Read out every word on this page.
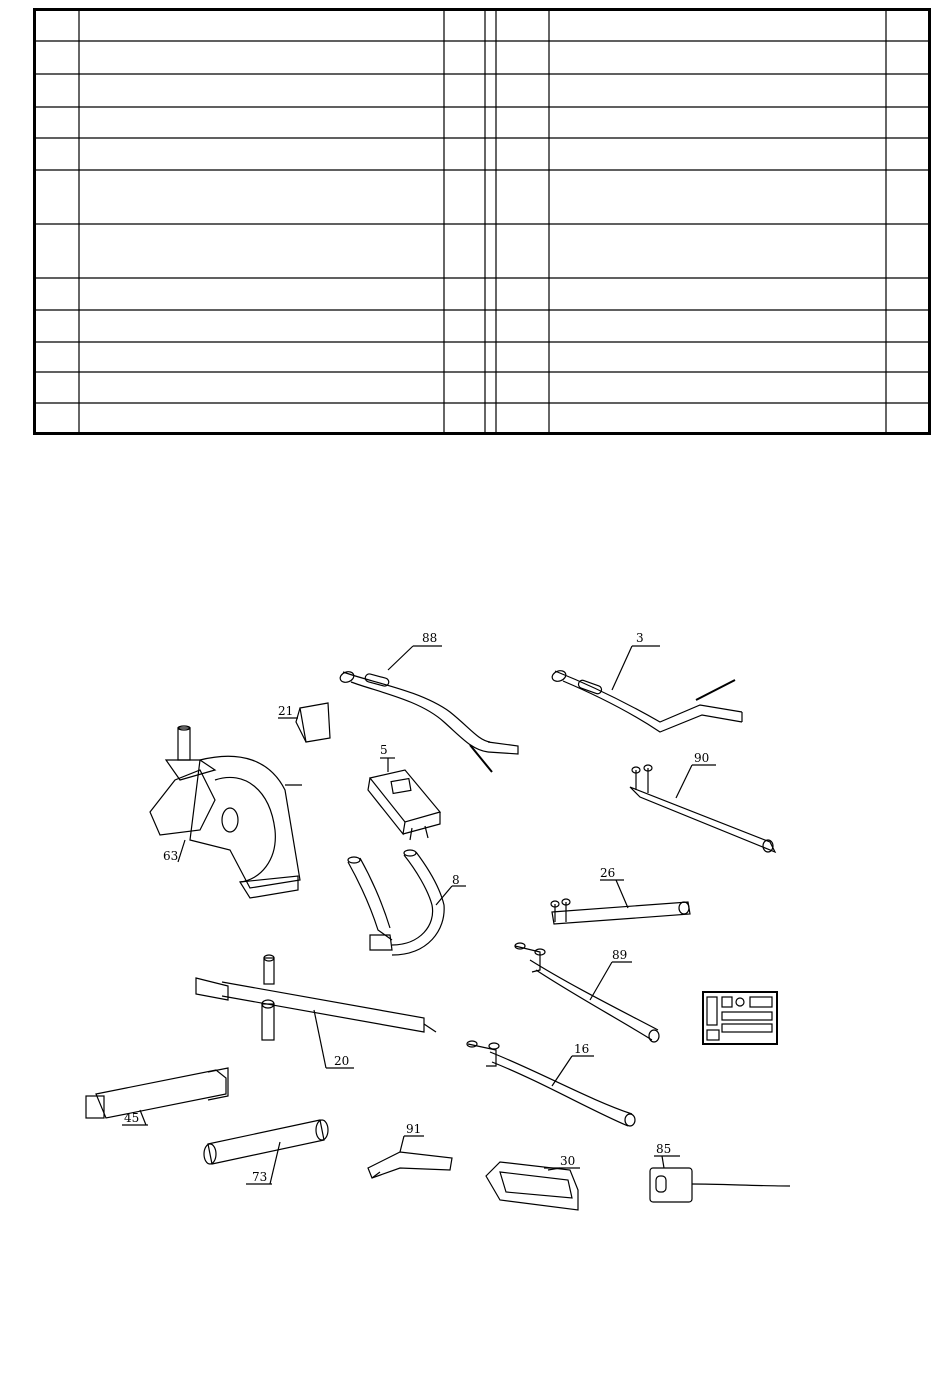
88	3
21
5
90
63
8	26
89
20
16
45
91
30
85
73
